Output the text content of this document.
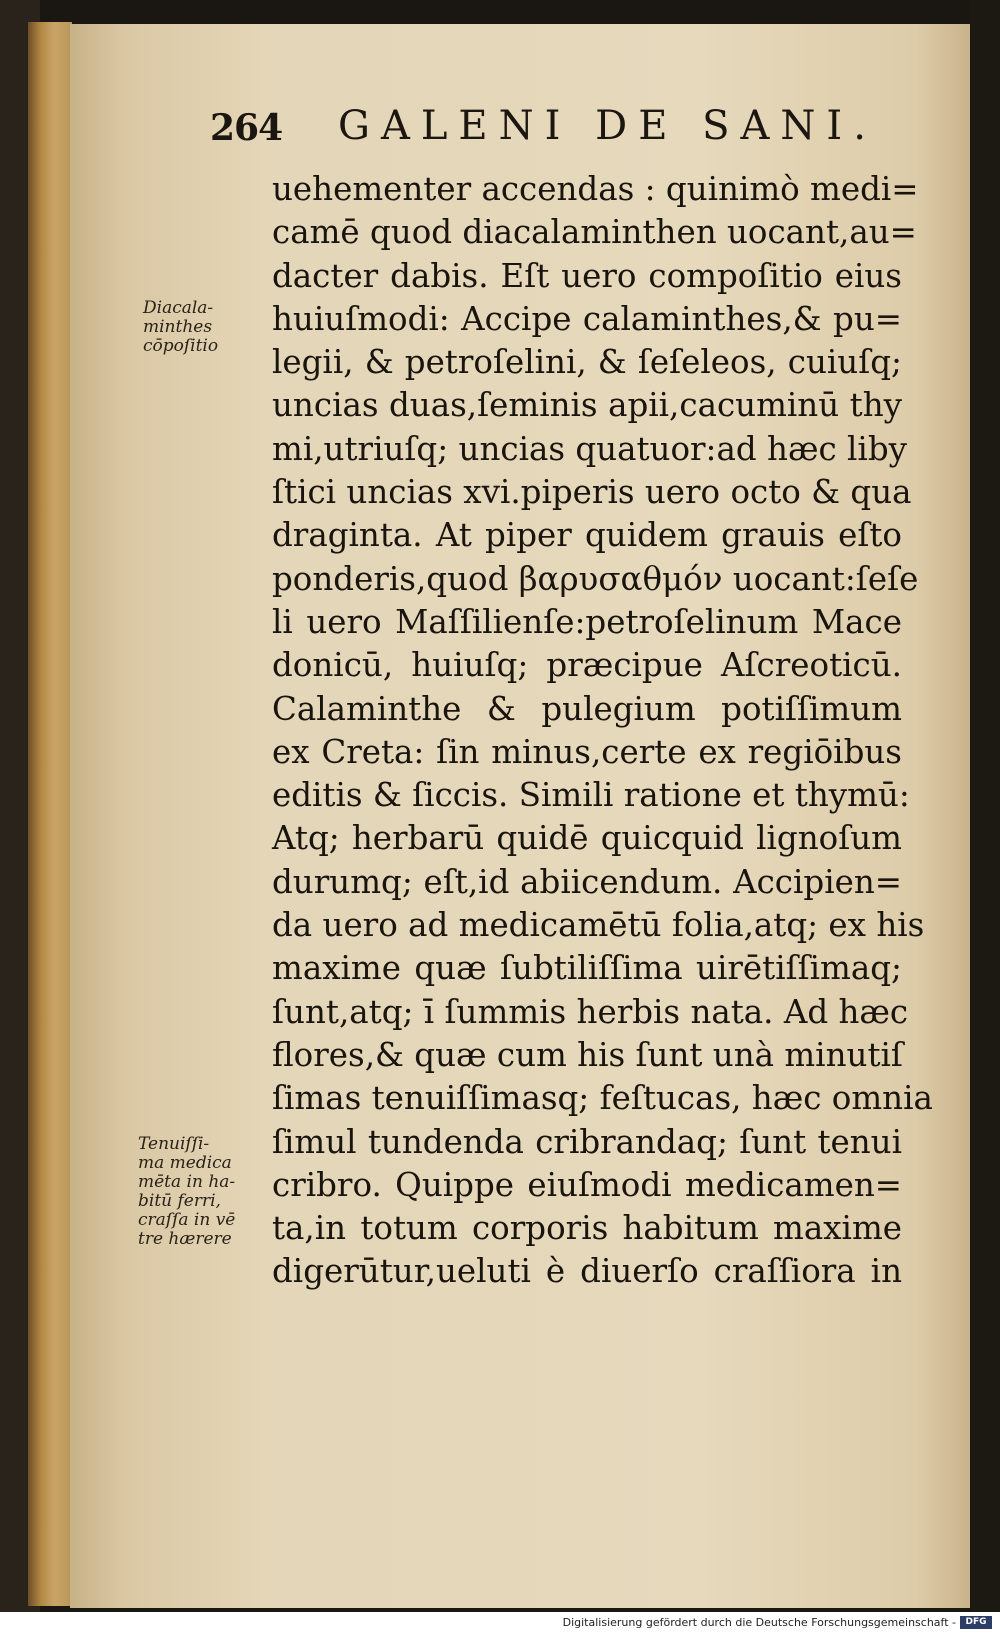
264 GALENI DE SANI.
Diacala-
minthes
cōpoſitio
Tenuiſſi-
ma medica
mēta in ha-
bitū ferri,
craſſa in vē
tre hærere
uehementer accendas : quinimò medi=
camē quod diacalaminthen uocant,au=
dacter dabis. Eſt uero compoſitio eius
huiuſmodi: Accipe calaminthes,& pu=
legii, & petroſelini, & ſeſeleos, cuiuſq;
uncias duas,ſeminis apii,cacuminū thy
mi,utriuſq; uncias quatuor:ad hæc liby
ſtici uncias xvi.piperis uero octo & qua
draginta. At piper quidem grauis eſto
ponderis,quod βαρυσαθμόν uocant:ſeſe
li uero Maſſilienſe:petroſelinum Mace
donicū, huiuſq; præcipue Aſcreoticū.
Calaminthe & pulegium potiſſimum
ex Creta: ſin minus,certe ex regiōibus
editis & ſiccis. Simili ratione et thymū:
Atq; herbarū quidē quicquid lignoſum
durumq; eſt,id abiicendum. Accipien=
da uero ad medicamētū folia,atq; ex his
maxime quæ ſubtiliſſima uirētiſſimaq;
ſunt,atq; ī ſummis herbis nata. Ad hæc
flores,& quæ cum his ſunt unà minutiſ
ſimas tenuiſſimasq; feſtucas, hæc omnia
ſimul tundenda cribrandaq; ſunt tenui
cribro. Quippe eiuſmodi medicamen=
ta,in totum corporis habitum maxime
digerūtur,ueluti è diuerſo craſſiora in
Digitalisierung gefördert durch die Deutsche Forschungsgemeinschaft -	DFG
